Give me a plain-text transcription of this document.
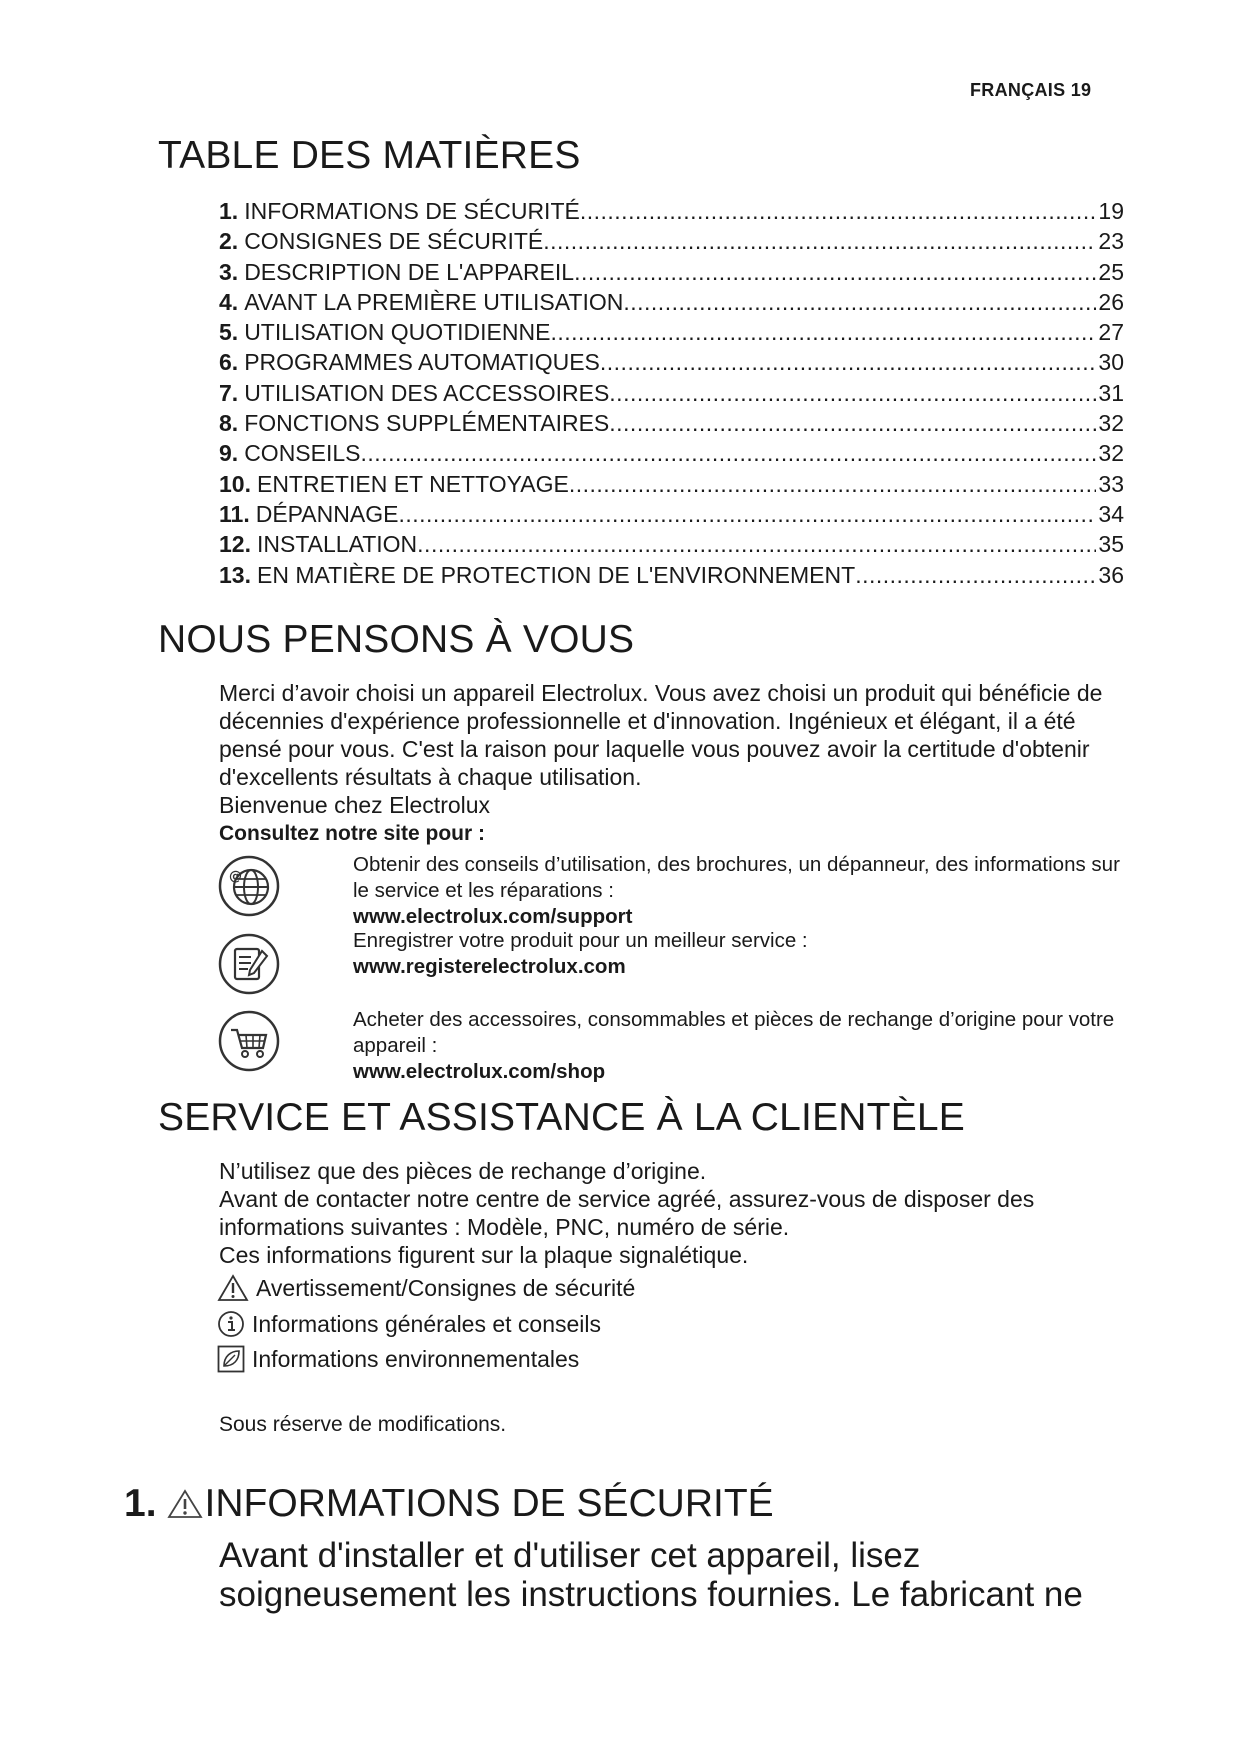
FRANÇAIS 19
TABLE DES MATIÈRES
1. INFORMATIONS DE SÉCURITÉ .....	19
2. CONSIGNES DE SÉCURITÉ .....	23
3. DESCRIPTION DE L'APPAREIL .....	25
4. AVANT LA PREMIÈRE UTILISATION .....	26
5. UTILISATION QUOTIDIENNE .....	27
6. PROGRAMMES AUTOMATIQUES .....	30
7. UTILISATION DES ACCESSOIRES .....	31
8. FONCTIONS SUPPLÉMENTAIRES .....	32
9. CONSEILS .....	32
10. ENTRETIEN ET NETTOYAGE .....	33
11. DÉPANNAGE .....	34
12. INSTALLATION .....	35
13. EN MATIÈRE DE PROTECTION DE L'ENVIRONNEMENT .....	36
NOUS PENSONS À VOUS

Merci d’avoir choisi un appareil Electrolux. Vous avez choisi un produit qui bénéficie de décennies d'expérience professionnelle et d'innovation. Ingénieux et élégant, il a été pensé pour vous. C'est la raison pour laquelle vous pouvez avoir la certitude d'obtenir d'excellents résultats à chaque utilisation.

Bienvenue chez Electrolux

Consultez notre site pour :

@

Obtenir des conseils d’utilisation, des brochures, un dépanneur, des informations sur le service et les réparations :
www.electrolux.com/support

Enregistrer votre produit pour un meilleur service :
www.registerelectrolux.com

Acheter des accessoires, consommables et pièces de rechange d’origine pour votre appareil :
www.electrolux.com/shop

SERVICE ET ASSISTANCE À LA CLIENTÈLE

N’utilisez que des pièces de rechange d’origine.

Avant de contacter notre centre de service agréé, assurez-vous de disposer des informations suivantes : Modèle, PNC, numéro de série.

Ces informations figurent sur la plaque signalétique.

Avertissement/Consignes de sécurité
Informations générales et conseils
Informations environnementales

Sous réserve de modifications.

1. INFORMATIONS DE SÉCURITÉ

Avant d'installer et d'utiliser cet appareil, lisez soigneusement les instructions fournies. Le fabricant ne
